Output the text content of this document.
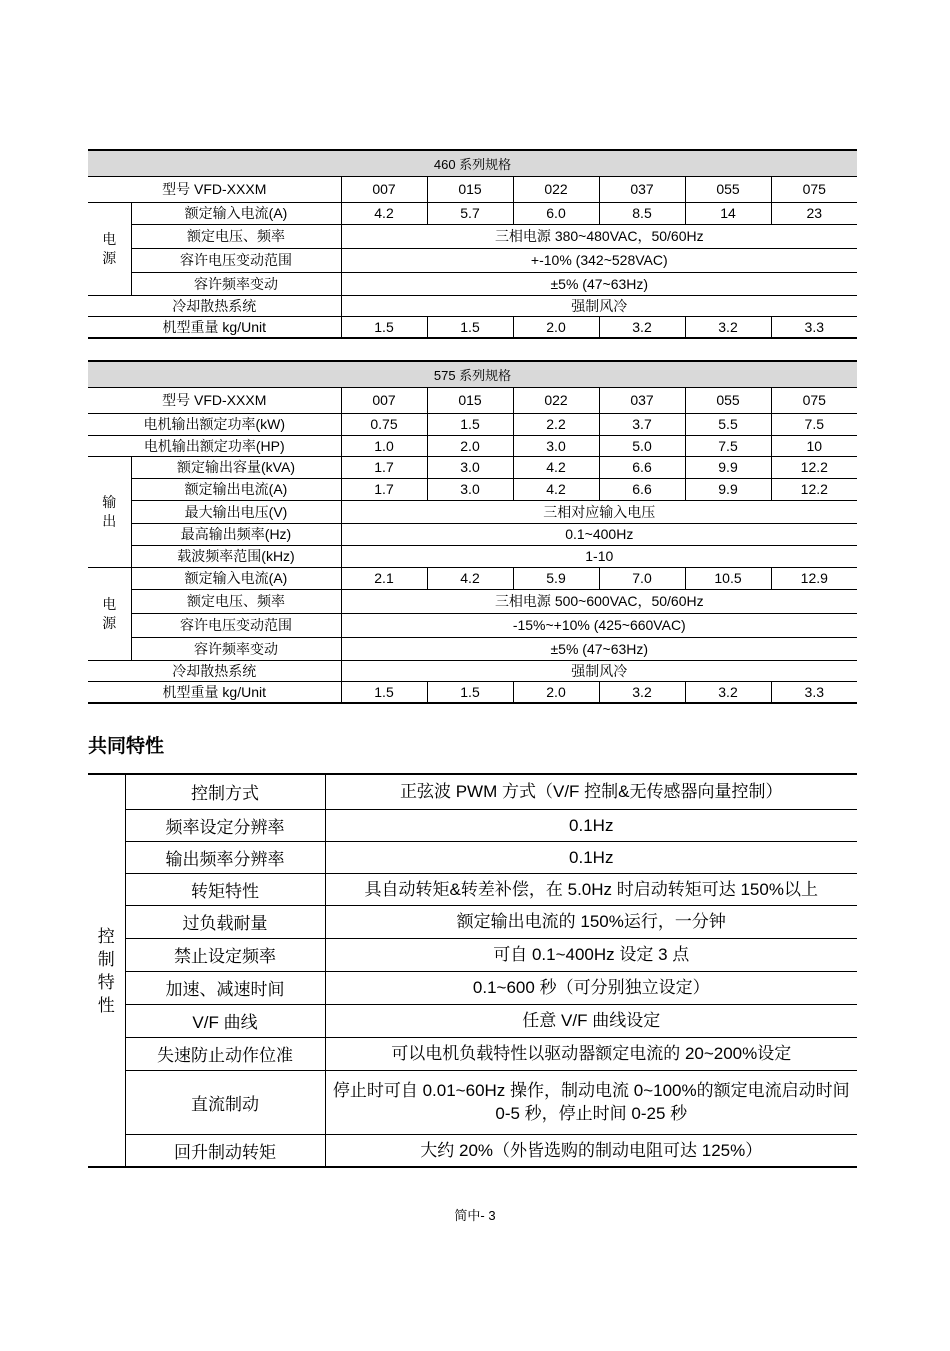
460 系列规格							
型号 VFD-XXXM		007	015	022	037	055	075
电源	额定输入电流(A)	4.2	5.7	6.0	8.5	14	23
	额定电压、频率	三相电源 380~480VAC，50/60Hz					
	容许电压变动范围	+-10% (342~528VAC)					
	容许频率变动	±5% (47~63Hz)					
冷却散热系统		强制风冷					
机型重量 kg/Unit		1.5	1.5	2.0	3.2	3.2	3.3
575 系列规格							
型号 VFD-XXXM		007	015	022	037	055	075
电机输出额定功率(kW)		0.75	1.5	2.2	3.7	5.5	7.5
电机输出额定功率(HP)		1.0	2.0	3.0	5.0	7.5	10
输出	额定输出容量(kVA)	1.7	3.0	4.2	6.6	9.9	12.2
	额定输出电流(A)	1.7	3.0	4.2	6.6	9.9	12.2
	最大输出电压(V)	三相对应输入电压					
	最高输出频率(Hz)	0.1~400Hz					
	载波频率范围(kHz)	1-10					
电源	额定输入电流(A)	2.1	4.2	5.9	7.0	10.5	12.9
	额定电压、频率	三相电源 500~600VAC，50/60Hz					
	容许电压变动范围	-15%~+10% (425~660VAC)					
	容许频率变动	±5% (47~63Hz)					
冷却散热系统		强制风冷					
机型重量 kg/Unit		1.5	1.5	2.0	3.2	3.2	3.3
共同特性
控制特性	控制方式	正弦波 PWM 方式（V/F 控制&无传感器向量控制）
	频率设定分辨率	0.1Hz
	输出频率分辨率	0.1Hz
	转矩特性	具自动转矩&转差补偿，在 5.0Hz 时启动转矩可达 150%以上
	过负载耐量	额定输出电流的 150%运行，一分钟
	禁止设定频率	可自 0.1~400Hz 设定 3 点
	加速、减速时间	0.1~600 秒（可分别独立设定）
	V/F 曲线	任意 V/F 曲线设定
	失速防止动作位准	可以电机负载特性以驱动器额定电流的 20~200%设定
	直流制动	停止时可自 0.01~60Hz 操作，制动电流 0~100%的额定电流启动时间 0-5 秒，停止时间 0-25 秒
	回升制动转矩	大约 20%（外皆选购的制动电阻可达 125%）
简中- 3
